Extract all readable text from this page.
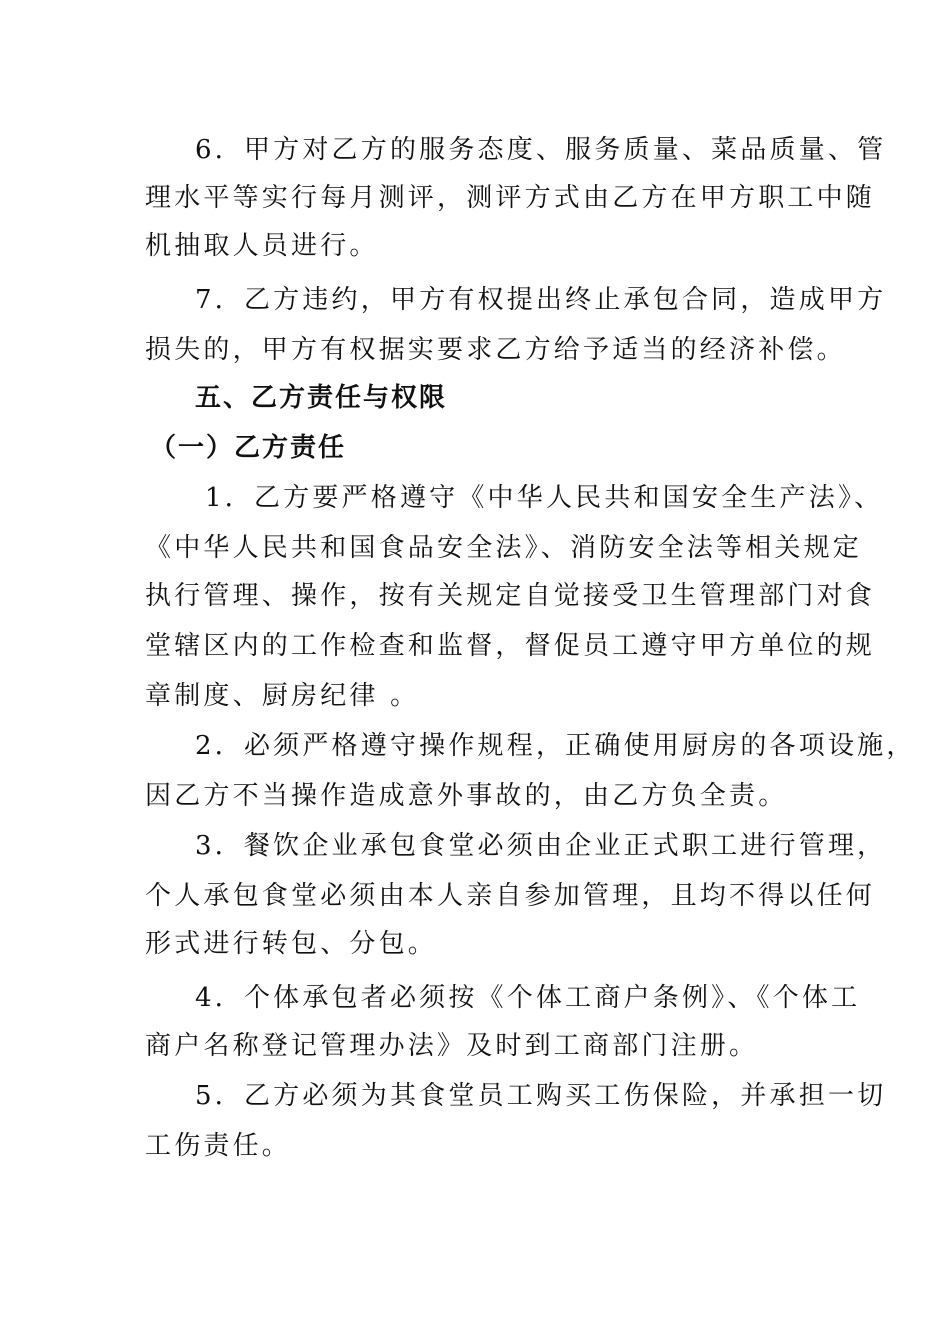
6．甲方对乙方的服务态度、服务质量、菜品质量、管
理水平等实行每月测评，测评方式由乙方在甲方职工中随
机抽取人员进行。
7．乙方违约，甲方有权提出终止承包合同，造成甲方
损失的，甲方有权据实要求乙方给予适当的经济补偿。
五、乙方责任与权限
（一）乙方责任
1．乙方要严格遵守《中华人民共和国安全生产法》、
《中华人民共和国食品安全法》、消防安全法等相关规定
执行管理、操作，按有关规定自觉接受卫生管理部门对食
堂辖区内的工作检查和监督，督促员工遵守甲方单位的规
章制度、厨房纪律 。
2．必须严格遵守操作规程，正确使用厨房的各项设施，
因乙方不当操作造成意外事故的，由乙方负全责。
3．餐饮企业承包食堂必须由企业正式职工进行管理，
个人承包食堂必须由本人亲自参加管理，且均不得以任何
形式进行转包、分包。
4．个体承包者必须按《个体工商户条例》、《个体工
商户名称登记管理办法》及时到工商部门注册。
5．乙方必须为其食堂员工购买工伤保险，并承担一切
工伤责任。
